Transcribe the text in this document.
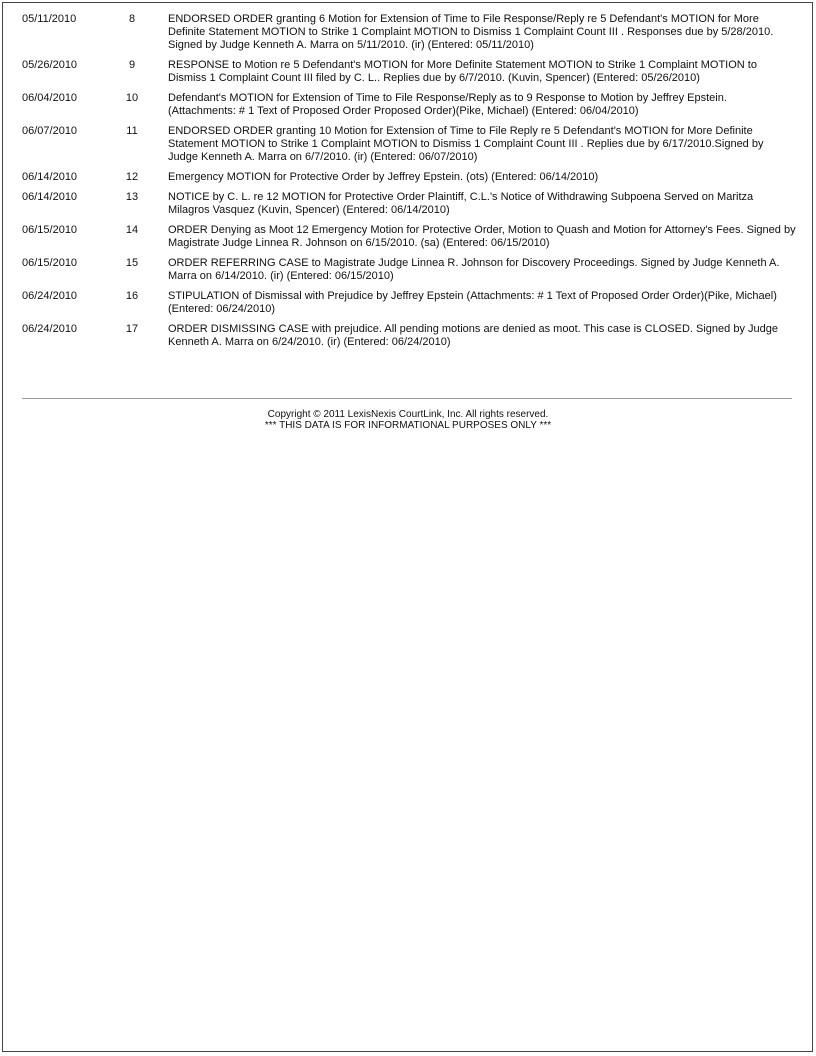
05/11/2010	8	ENDORSED ORDER granting 6 Motion for Extension of Time to File Response/Reply re 5 Defendant's MOTION for More Definite Statement MOTION to Strike 1 Complaint MOTION to Dismiss 1 Complaint Count III . Responses due by 5/28/2010. Signed by Judge Kenneth A. Marra on 5/11/2010. (ir) (Entered: 05/11/2010)
05/26/2010	9	RESPONSE to Motion re 5 Defendant's MOTION for More Definite Statement MOTION to Strike 1 Complaint MOTION to Dismiss 1 Complaint Count III filed by C. L.. Replies due by 6/7/2010. (Kuvin, Spencer) (Entered: 05/26/2010)
06/04/2010	10	Defendant's MOTION for Extension of Time to File Response/Reply as to 9 Response to Motion by Jeffrey Epstein. (Attachments: # 1 Text of Proposed Order Proposed Order)(Pike, Michael) (Entered: 06/04/2010)
06/07/2010	11	ENDORSED ORDER granting 10 Motion for Extension of Time to File Reply re 5 Defendant's MOTION for More Definite Statement MOTION to Strike 1 Complaint MOTION to Dismiss 1 Complaint Count III . Replies due by 6/17/2010.Signed by Judge Kenneth A. Marra on 6/7/2010. (ir) (Entered: 06/07/2010)
06/14/2010	12	Emergency MOTION for Protective Order by Jeffrey Epstein. (ots) (Entered: 06/14/2010)
06/14/2010	13	NOTICE by C. L. re 12 MOTION for Protective Order Plaintiff, C.L.'s Notice of Withdrawing Subpoena Served on Maritza Milagros Vasquez (Kuvin, Spencer) (Entered: 06/14/2010)
06/15/2010	14	ORDER Denying as Moot 12 Emergency Motion for Protective Order, Motion to Quash and Motion for Attorney's Fees. Signed by Magistrate Judge Linnea R. Johnson on 6/15/2010. (sa) (Entered: 06/15/2010)
06/15/2010	15	ORDER REFERRING CASE to Magistrate Judge Linnea R. Johnson for Discovery Proceedings. Signed by Judge Kenneth A. Marra on 6/14/2010. (ir) (Entered: 06/15/2010)
06/24/2010	16	STIPULATION of Dismissal with Prejudice by Jeffrey Epstein (Attachments: # 1 Text of Proposed Order Order)(Pike, Michael) (Entered: 06/24/2010)
06/24/2010	17	ORDER DISMISSING CASE with prejudice. All pending motions are denied as moot. This case is CLOSED. Signed by Judge Kenneth A. Marra on 6/24/2010. (ir) (Entered: 06/24/2010)
Copyright © 2011 LexisNexis CourtLink, Inc. All rights reserved.
*** THIS DATA IS FOR INFORMATIONAL PURPOSES ONLY ***
